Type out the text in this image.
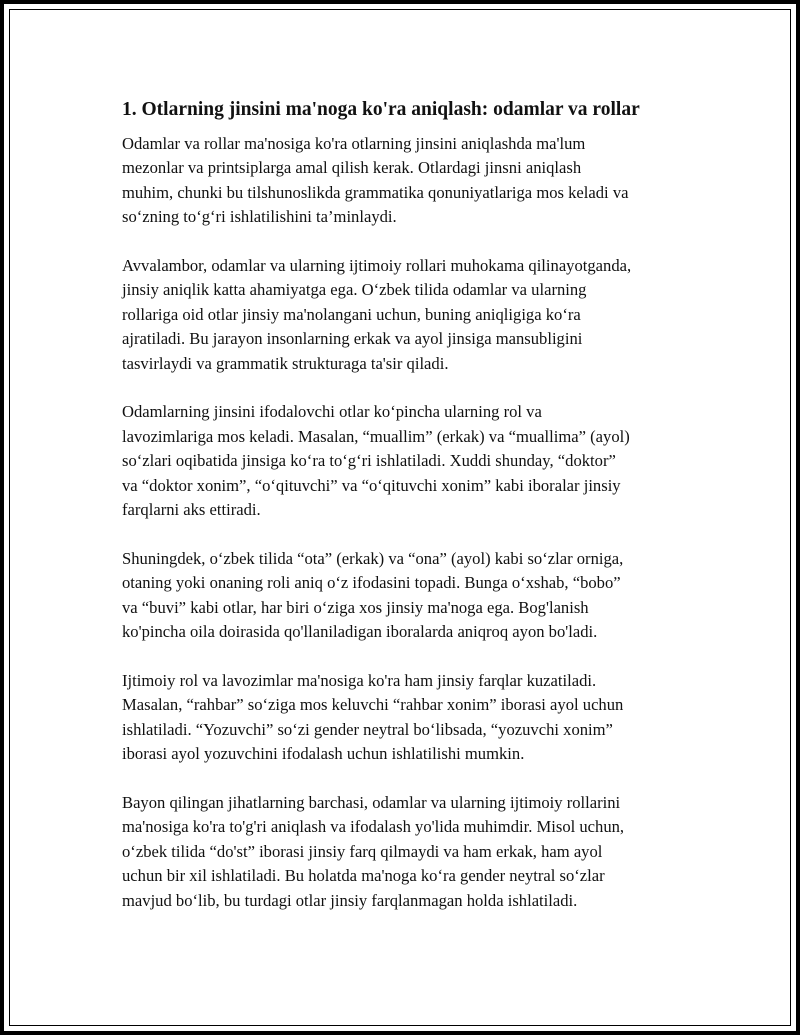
1. Otlarning jinsini ma'noga ko'ra aniqlash: odamlar va rollar

Odamlar va rollar ma'nosiga ko'ra otlarning jinsini aniqlashda ma'lum
mezonlar va printsiplarga amal qilish kerak. Otlardagi jinsni aniqlash
muhim, chunki bu tilshunoslikda grammatika qonuniyatlariga mos keladi va
so‘zning to‘g‘ri ishlatilishini ta’minlaydi.

Avvalambor, odamlar va ularning ijtimoiy rollari muhokama qilinayotganda,
jinsiy aniqlik katta ahamiyatga ega. O‘zbek tilida odamlar va ularning
rollariga oid otlar jinsiy ma'nolangani uchun, buning aniqligiga ko‘ra
ajratiladi. Bu jarayon insonlarning erkak va ayol jinsiga mansubligini
tasvirlaydi va grammatik strukturaga ta'sir qiladi.

Odamlarning jinsini ifodalovchi otlar ko‘pincha ularning rol va
lavozimlariga mos keladi. Masalan, “muallim” (erkak) va “muallima” (ayol)
so‘zlari oqibatida jinsiga ko‘ra to‘g‘ri ishlatiladi. Xuddi shunday, “doktor”
va “doktor xonim”, “o‘qituvchi” va “o‘qituvchi xonim” kabi iboralar jinsiy
farqlarni aks ettiradi.

Shuningdek, o‘zbek tilida “ota” (erkak) va “ona” (ayol) kabi so‘zlar orniga,
otaning yoki onaning roli aniq o‘z ifodasini topadi. Bunga o‘xshab, “bobo”
va “buvi” kabi otlar, har biri o‘ziga xos jinsiy ma'noga ega. Bog'lanish
ko'pincha oila doirasida qo'llaniladigan iboralarda aniqroq ayon bo'ladi.

Ijtimoiy rol va lavozimlar ma'nosiga ko'ra ham jinsiy farqlar kuzatiladi.
Masalan, “rahbar” so‘ziga mos keluvchi “rahbar xonim” iborasi ayol uchun
ishlatiladi. “Yozuvchi” so‘zi gender neytral bo‘libsada, “yozuvchi xonim”
iborasi ayol yozuvchini ifodalash uchun ishlatilishi mumkin.

Bayon qilingan jihatlarning barchasi, odamlar va ularning ijtimoiy rollarini
ma'nosiga ko'ra to'g'ri aniqlash va ifodalash yo'lida muhimdir. Misol uchun,
o‘zbek tilida “do'st” iborasi jinsiy farq qilmaydi va ham erkak, ham ayol
uchun bir xil ishlatiladi. Bu holatda ma'noga ko‘ra gender neytral so‘zlar
mavjud bo‘lib, bu turdagi otlar jinsiy farqlanmagan holda ishlatiladi.
